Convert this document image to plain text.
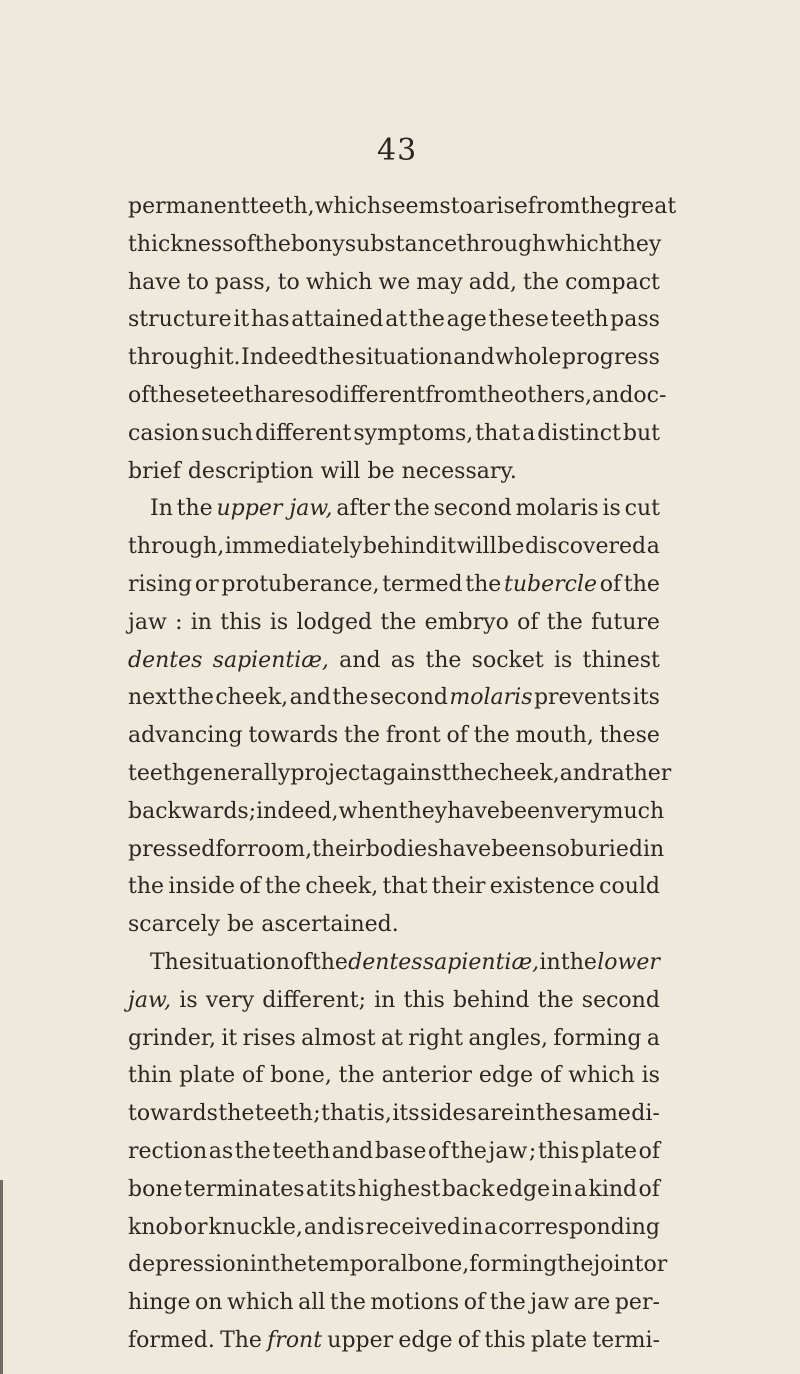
43
permanent teeth, which seems to arise from the great
thickness of the bony substance through which they
have to pass, to which we may add, the compact
structure it has attained at the age these teeth pass
through it. Indeed the situation and whole progress
of these teeth are so different from the others, and oc-
casion such different symptoms, that a distinct but
brief description will be necessary.
In the upper jaw, after the second molaris is cut
through, immediately behind it will be discovered a
rising or protuberance, termed the tubercle of the
jaw : in this is lodged the embryo of the future
dentes sapientiæ, and as the socket is thinest
next the cheek, and the second molaris prevents its
advancing towards the front of the mouth, these
teeth generally project against the cheek, and rather
backwards ; indeed, when they have been very much
pressed for room, their bodies have been so buried in
the inside of the cheek, that their existence could
scarcely be ascertained.
The situation of the dentes sapientiæ, in the lower
jaw, is very different; in this behind the second
grinder, it rises almost at right angles, forming a
thin plate of bone, the anterior edge of which is
towards the teeth ; that is, its sides are in the same di-
rection as the teeth and base of the jaw ; this plate of
bone terminates at its highest back edge in a kind of
knob or knuckle, and is received in a corresponding
depression in the temporal bone, forming the joint or
hinge on which all the motions of the jaw are per-
formed. The front upper edge of this plate termi-
